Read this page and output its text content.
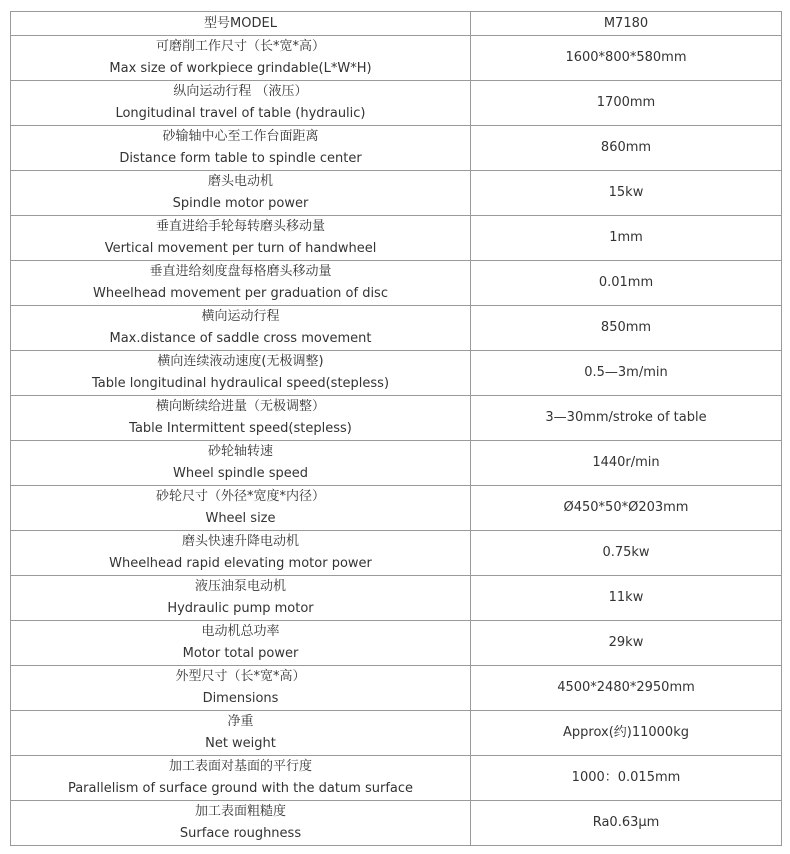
型号MODEL	M7180

可磨削工作尺寸（长*宽*高）
Max size of workpiece grindable(L*W*H)	1600*800*580mm

纵向运动行程 （液压）
Longitudinal travel of table (hydraulic)	1700mm

砂输轴中心至工作台面距离
Distance form table to spindle center	860mm

磨头电动机
Spindle motor power	15kw

垂直进给手轮每转磨头移动量
Vertical movement per turn of handwheel	1mm

垂直进给刻度盘每格磨头移动量
Wheelhead movement per graduation of disc	0.01mm

横向运动行程
Max.distance of saddle cross movement	850mm

横向连续液动速度(无极调整)
Table longitudinal hydraulical speed(stepless)	0.5—3m/min

横向断续给进量（无极调整）
Table Intermittent speed(stepless)	3—30mm/stroke of table

砂轮轴转速
Wheel spindle speed	1440r/min

砂轮尺寸（外径*宽度*内径）
Wheel size	Ø450*50*Ø203mm

磨头快速升降电动机
Wheelhead rapid elevating motor power	0.75kw

液压油泵电动机
Hydraulic pump motor	11kw

电动机总功率
Motor total power	29kw

外型尺寸（长*宽*高）
Dimensions	4500*2480*2950mm

净重
Net weight	Approx(约)11000kg

加工表面对基面的平行度
Parallelism of surface ground with the datum surface	1000：0.015mm

加工表面粗糙度
Surface roughness	Ra0.63μm
